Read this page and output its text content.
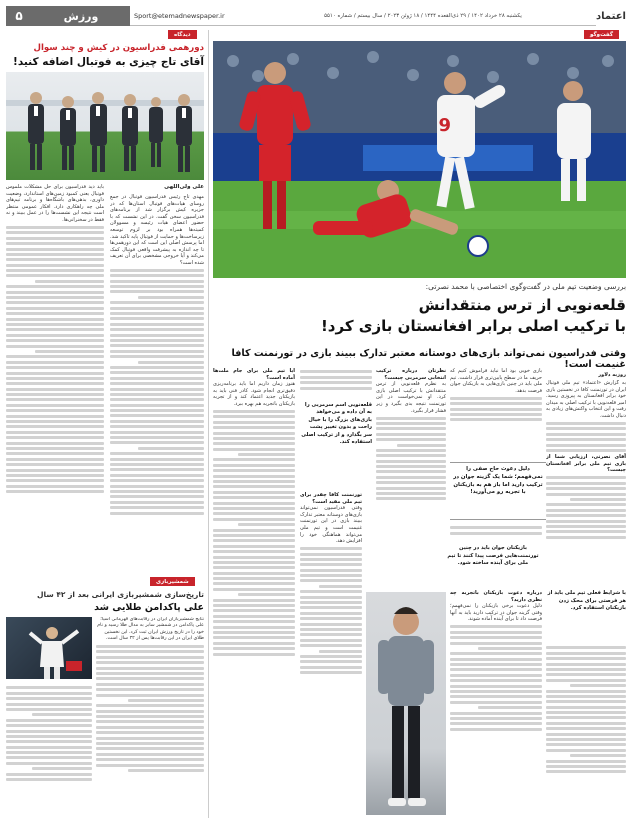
۵	ورزش	Sport@etemadnewspaper.ir	یکشنبه ۲۸ خرداد ۱۴۰۲ / ۲۹ ذی‌القعده ۱۴۴۴ / ۱۸ ژوئن ۲۰۲۳ / سال بیستم / شماره ۵۵۱۰	اعتماد
دیدگاه
دورهمی فدراسیون در کیش و چند سوال
آقای تاج چیزی به فوتبال اضافه کنید!
علی ولی‌اللهی

مهدی تاج رئیس فدراسیون فوتبال در جمع روسای هیات‌های فوتبال استان‌ها که در جزیره کیش برگزار شد از برنامه‌های فدراسیون سخن گفت. در این نشست که با حضور اعضای هیات رئیسه و مسوولان کمیته‌ها همراه بود بر لزوم توسعه زیرساخت‌ها و حمایت از فوتبال پایه تاکید شد. اما پرسش اصلی این است که این دورهمی‌ها تا چه اندازه به پیشرفت واقعی فوتبال کمک می‌کند و آیا خروجی مشخصی برای آن تعریف شده است؟

باید دید فدراسیون برای حل مشکلات ملموس فوتبال یعنی کمبود زمین‌های استاندارد، وضعیت داوری، بدهی‌های باشگاه‌ها و برنامه تیم‌های ملی چه راهکاری دارد. افکار عمومی منتظر است نتیجه این نشست‌ها را در عمل ببیند و نه فقط در سخنرانی‌ها.

شمشیربازی
تاریخ‌سازی شمشیربازی ایرانی بعد از ۴۲ سال
علی پاکدامن طلایی شد

نتایج شمشیربازان ایران در رقابت‌های قهرمانی آسیا؛ علی پاکدامن در شمشیر سابر به مدال طلا رسید و نام خود را در تاریخ ورزش ایران ثبت کرد. این نخستین طلای ایران در این رقابت‌ها پس از ۴۲ سال است.

گفت‌وگو
9
بررسی وضعیت تیم ملی در گفت‌وگوی اختصاصی با محمد نصرتی:
قلعه‌نویی از ترس منتقدانش
با ترکیب اصلی برابر افغانستان بازی کرد!
وقتی فدراسیون نمی‌تواند بازی‌های دوستانه معتبر تدارک ببیند بازی در تورنمنت کافا غنیمت است!
روزبه دلاور

به گزارش «اعتماد» تیم ملی فوتبال ایران در تورنمنت کافا در نخستین بازی خود برابر افغانستان به پیروزی رسید. امیر قلعه‌نویی با ترکیب اصلی به میدان رفت و این انتخاب واکنش‌های زیادی به دنبال داشت.

آقای نصرتی، ارزیابی شما از بازی تیم ملی برابر افغانستان چیست؟

با شرایط فعلی تیم ملی باید از هر فرصتی برای محک زدن بازیکنان استفاده کرد.

بازی خوبی بود اما نباید فراموش کنیم که حریف ما در سطح پایین‌تری قرار داشت. تیم ملی باید در چنین بازی‌هایی به بازیکنان جوان فرصت بدهد.

دلیل دعوت حاج صفی را نمی‌فهمم؛ شما یک گزینه جوان در ترکیب دارید اما باز هم به بازیکنان با تجربه رو می‌آورید!
بازیکنان جوان باید در چنین تورنمنت‌هایی فرصت پیدا کنند تا تیم ملی برای آینده ساخته شود.

درباره دعوت بازیکنان باتجربه چه نظری دارید؟

دلیل دعوت برخی بازیکنان را نمی‌فهمم؛ وقتی گزینه جوان در ترکیب دارید باید به آنها فرصت داد تا برای آینده آماده شوند.

نظرتان درباره ترکیب انتخابی سرمربی چیست؟

به نظرم قلعه‌نویی از ترس منتقدانش با ترکیب اصلی بازی کرد. او نمی‌خواست در این تورنمنت نتیجه بدی بگیرد و زیر فشار قرار بگیرد.

قلعه‌نویی اسم سرمربی را به آن داده و می‌خواهد بازی‌های بزرگ را با خیال راحت و بدون تغییر پشت سر بگذارد و از ترکیب اصلی استفاده کند.

تورنمنت کافا چقدر برای تیم ملی مفید است؟

وقتی فدراسیون نمی‌تواند بازی‌های دوستانه معتبر تدارک ببیند بازی در این تورنمنت غنیمت است و تیم ملی می‌تواند هماهنگی خود را افزایش دهد.

آیا تیم ملی برای جام ملت‌ها آماده است؟

هنوز زمان داریم اما باید برنامه‌ریزی دقیق‌تری انجام شود. کادر فنی باید به بازیکنان جدید اعتماد کند و از تجربه بازیکنان باتجربه هم بهره ببرد.
